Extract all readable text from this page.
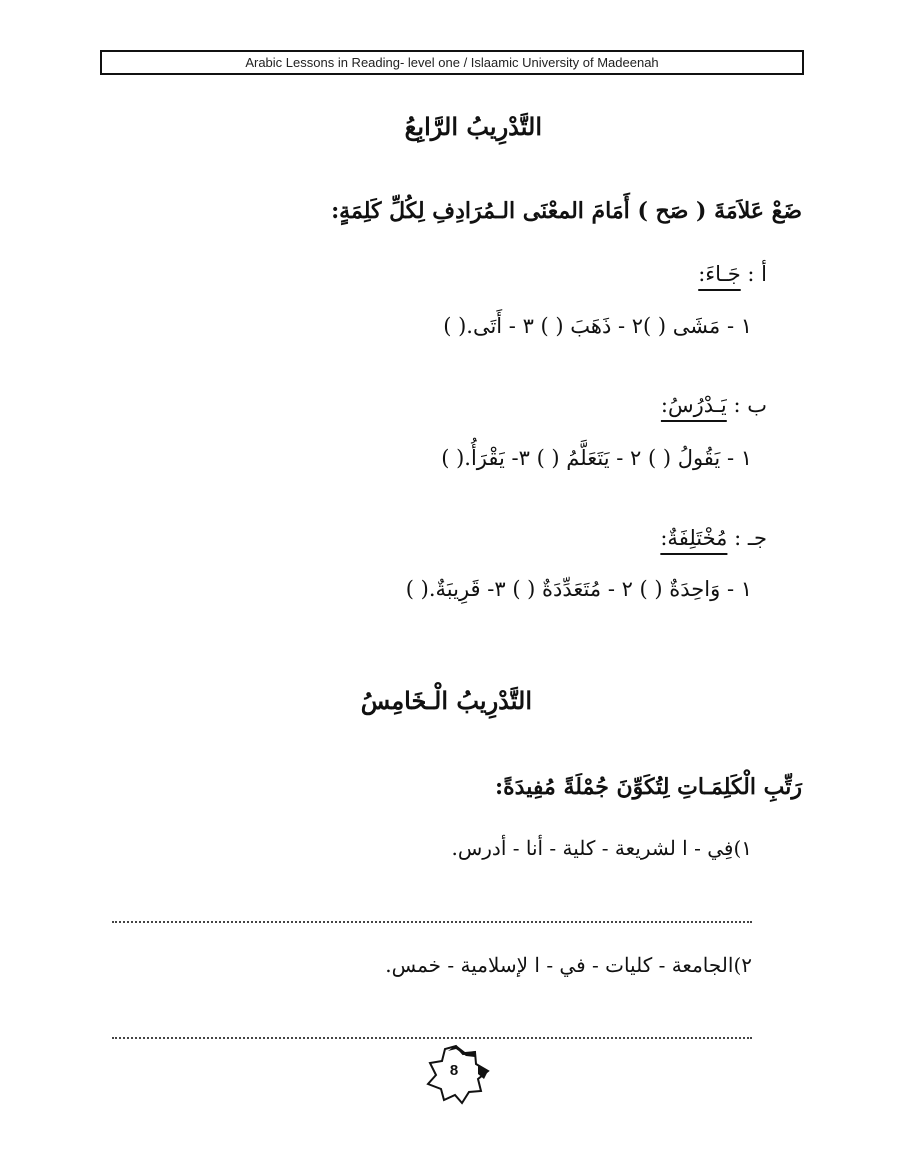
Arabic Lessons in Reading- level one / Islaamic University of Madeenah
التَّدْرِيبُ الرَّابِعُ
ضَعْ عَلاَمَةَ ( صَح ) أَمَامَ المعْنَى الـمُرَادِفِ لِكُلِّ كَلِمَةٍ:
أ : جَـاءَ:
١ - مَشَى ( )٢ - ذَهَبَ ( ) ٣ - أَتَى.( )
ب : يَـدْرُسُ:
١ - يَقُولُ ( ) ٢ - يَتَعَلَّمُ ( ) ٣- يَقْرَأُ.( )
جـ : مُخْتَلِفَةٌ:
١ - وَاحِدَةٌ ( ) ٢ - مُتَعَدِّدَةٌ ( ) ٣- قَرِيبَةٌ.( )
التَّدْرِيبُ الْـخَامِسُ
رَتِّبِ الْكَلِمَـاتِ لِتُكَوِّنَ جُمْلَةً مُفِيدَةً:
١)فِي - ا لشريعة - كلية - أنا - أدرس.
٢)الجامعة - كليات - في - ا لإسلامية - خمس.
8
